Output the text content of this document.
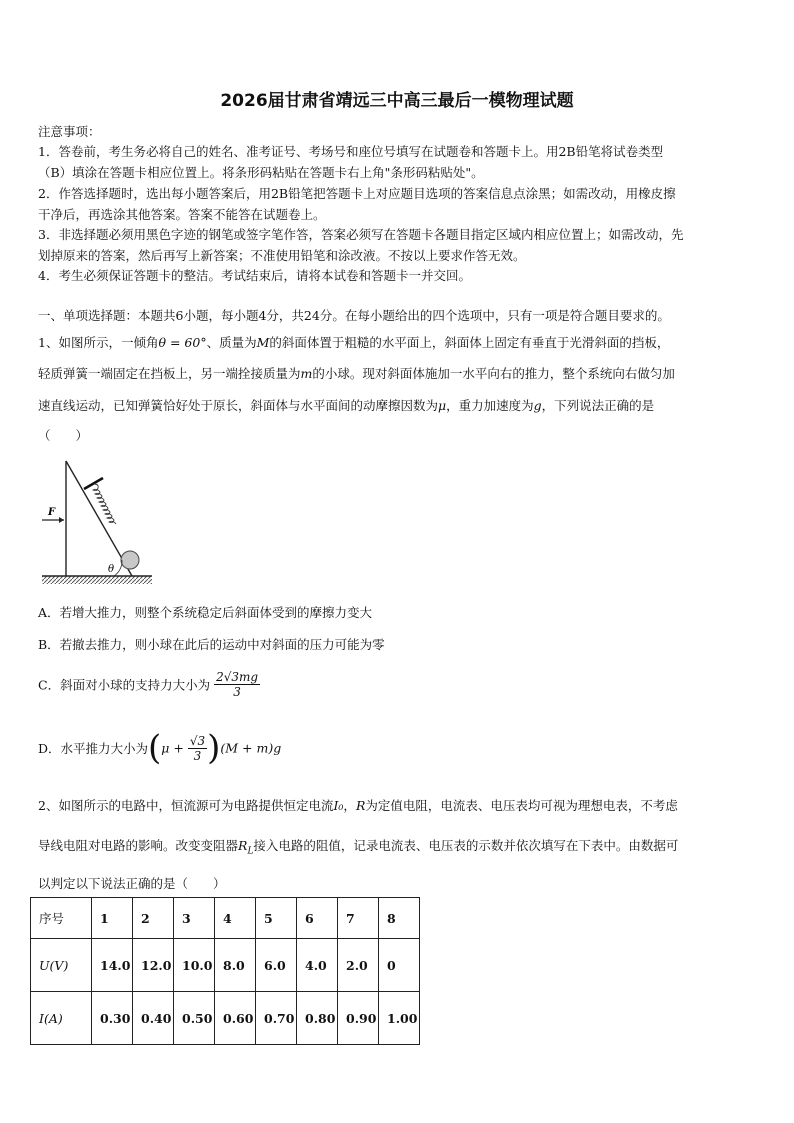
2026届甘肃省靖远三中高三最后一模物理试题
注意事项：
1．答卷前，考生务必将自己的姓名、准考证号、考场号和座位号填写在试题卷和答题卡上。用2B铅笔将试卷类型
（B）填涂在答题卡相应位置上。将条形码粘贴在答题卡右上角"条形码粘贴处"。
2．作答选择题时，选出每小题答案后，用2B铅笔把答题卡上对应题目选项的答案信息点涂黑；如需改动，用橡皮擦
干净后，再选涂其他答案。答案不能答在试题卷上。
3．非选择题必须用黑色字迹的钢笔或签字笔作答，答案必须写在答题卡各题目指定区域内相应位置上；如需改动，先
划掉原来的答案，然后再写上新答案；不准使用铅笔和涂改液。不按以上要求作答无效。
4．考生必须保证答题卡的整洁。考试结束后，请将本试卷和答题卡一并交回。
一、单项选择题：本题共6小题，每小题4分，共24分。在每小题给出的四个选项中，只有一项是符合题目要求的。
1、如图所示，一倾角θ = 60°、质量为M的斜面体置于粗糙的水平面上，斜面体上固定有垂直于光滑斜面的挡板，
轻质弹簧一端固定在挡板上，另一端拴接质量为m的小球。现对斜面体施加一水平向右的推力，整个系统向右做匀加
速直线运动，已知弹簧恰好处于原长，斜面体与水平面间的动摩擦因数为μ，重力加速度为g，下列说法正确的是
（　　）
F
θ
A．若增大推力，则整个系统稳定后斜面体受到的摩擦力变大
B．若撤去推力，则小球在此后的运动中对斜面的压力可能为零
C．斜面对小球的支持力大小为 $\frac{2√3mg}{3}$
D．水平推力大小为$(\mu + \frac{√3}{3} )(M + m)g$
2、如图所示的电路中，恒流源可为电路提供恒定电流I₀，R为定值电阻，电流表、电压表均可视为理想电表，不考虑
导线电阻对电路的影响。改变变阻器$R_L$接入电路的阻值，记录电流表、电压表的示数并依次填写在下表中。由数据可
以判定以下说法正确的是（　　）
序号	1	2	3	4	5	6	7	8
U(V)	14.0	12.0	10.0	8.0	6.0	4.0	2.0	0
I(A)	0.30	0.40	0.50	0.60	0.70	0.80	0.90	1.00
